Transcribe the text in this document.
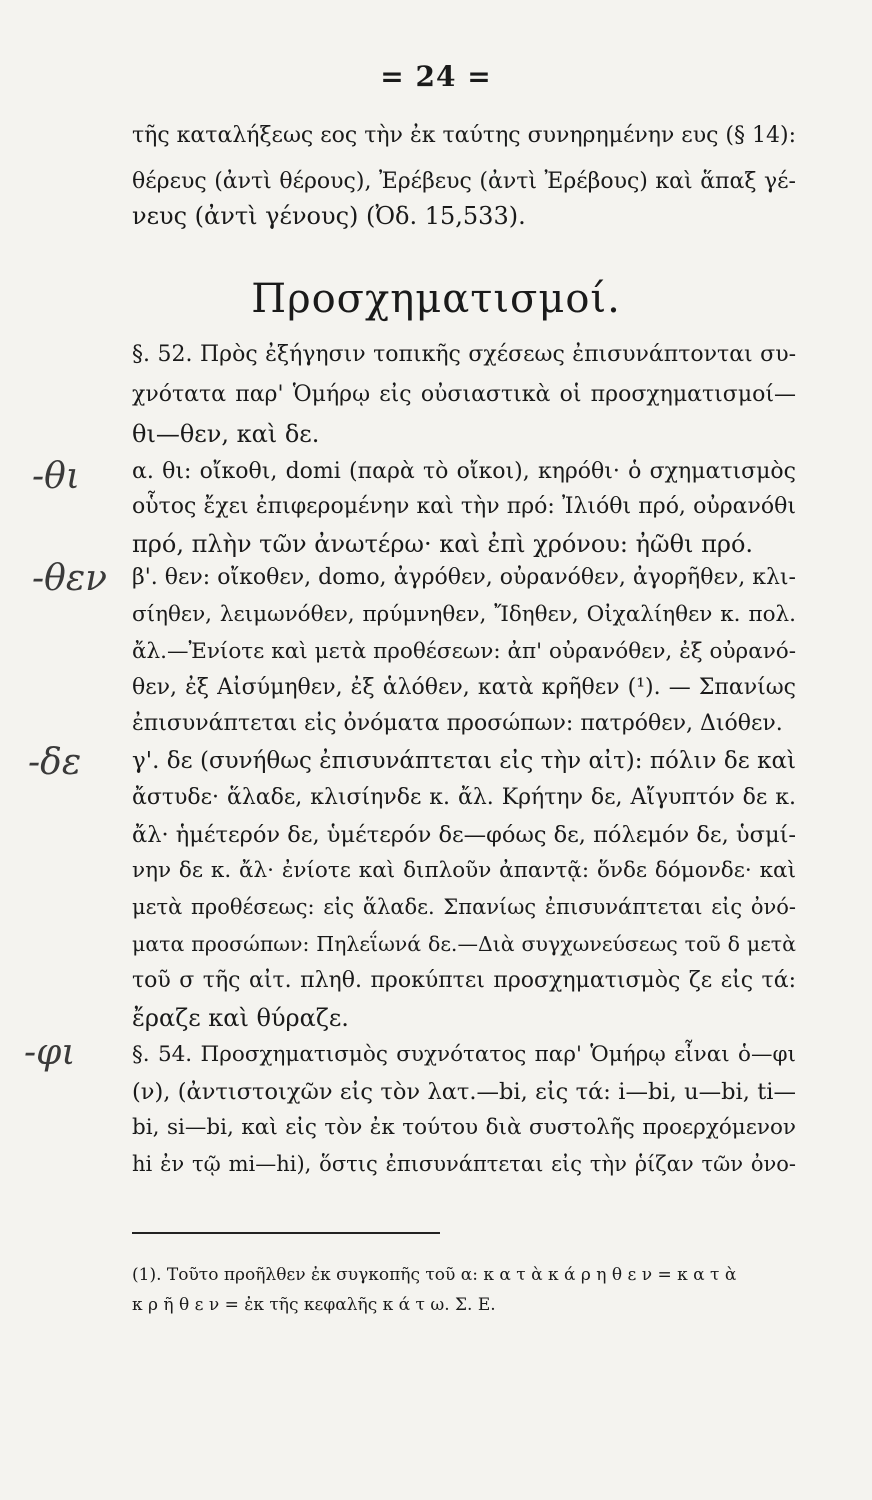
= 24 =
τῆς καταλήξεως εος τὴν ἐκ ταύτης συνηρημένην ευς (§ 14):
θέρευς (ἀντὶ θέρους), Ἐρέβευς (ἀντὶ Ἐρέβους) καὶ ἅπαξ γέ-
νευς (ἀντὶ γένους) (Ὀδ. 15,533).
Προσχηματισμοί.
§. 52. Πρὸς ἐξήγησιν τοπικῆς σχέσεως ἐπισυνάπτονται συ-
χνότατα παρ' Ὁμήρῳ εἰς οὐσιαστικὰ οἱ προσχηματισμοί—
θι—θεν, καὶ δε.
α. θι: οἴκοθι, domi (παρὰ τὸ οἴκοι), κηρόθι· ὁ σχηματισμὸς
οὗτος ἔχει ἐπιφερομένην καὶ τὴν πρό: Ἰλιόθι πρό, οὐρανόθι
πρό, πλὴν τῶν ἀνωτέρω· καὶ ἐπὶ χρόνου: ἠῶθι πρό.
β'. θεν: οἴκοθεν, domo, ἀγρόθεν, οὐρανόθεν, ἀγορῆθεν, κλι-
σίηθεν, λειμωνόθεν, πρύμνηθεν, Ἴδηθεν, Οἰχαλίηθεν κ. πολ.
ἄλ.—Ἐνίοτε καὶ μετὰ προθέσεων: ἀπ' οὐρανόθεν, ἐξ οὐρανό-
θεν, ἐξ Αἰσύμηθεν, ἐξ ἁλόθεν, κατὰ κρῆθεν (¹). — Σπανίως
ἐπισυνάπτεται εἰς ὀνόματα προσώπων: πατρόθεν, Διόθεν.
γ'. δε (συνήθως ἐπισυνάπτεται εἰς τὴν αἰτ): πόλιν δε καὶ
ἄστυδε· ἅλαδε, κλισίηνδε κ. ἄλ. Κρήτην δε, Αἴγυπτόν δε κ.
ἄλ· ἡμέτερόν δε, ὑμέτερόν δε—φόως δε, πόλεμόν δε, ὑσμί-
νην δε κ. ἄλ· ἐνίοτε καὶ διπλοῦν ἀπαντᾷ: ὅνδε δόμονδε· καὶ
μετὰ προθέσεως: εἰς ἅλαδε. Σπανίως ἐπισυνάπτεται εἰς ὀνό-
ματα προσώπων: Πηλεΐωνά δε.—Διὰ συγχωνεύσεως τοῦ δ μετὰ
τοῦ σ τῆς αἰτ. πληθ. προκύπτει προσχηματισμὸς ζε εἰς τά:
ἔραζε καὶ θύραζε.
§. 54. Προσχηματισμὸς συχνότατος παρ' Ὁμήρῳ εἶναι ὁ—φι
(ν), (ἀντιστοιχῶν εἰς τὸν λατ.—bi, εἰς τά: i—bi, u—bi, ti—
bi, si—bi, καὶ εἰς τὸν ἐκ τούτου διὰ συστολῆς προερχόμενον
hi ἐν τῷ mi—hi), ὅστις ἐπισυνάπτεται εἰς τὴν ῥίζαν τῶν ὀνο-
-θι
-θεν
-δε
-φι
(1). Τοῦτο προῆλθεν ἐκ συγκοπῆς τοῦ α: κ α τ ὰ κ ά ρ η θ ε ν = κ α τ ὰ
κ ρ ῆ θ ε ν = ἐκ τῆς κεφαλῆς κ ά τ ω. Σ. Ε.
